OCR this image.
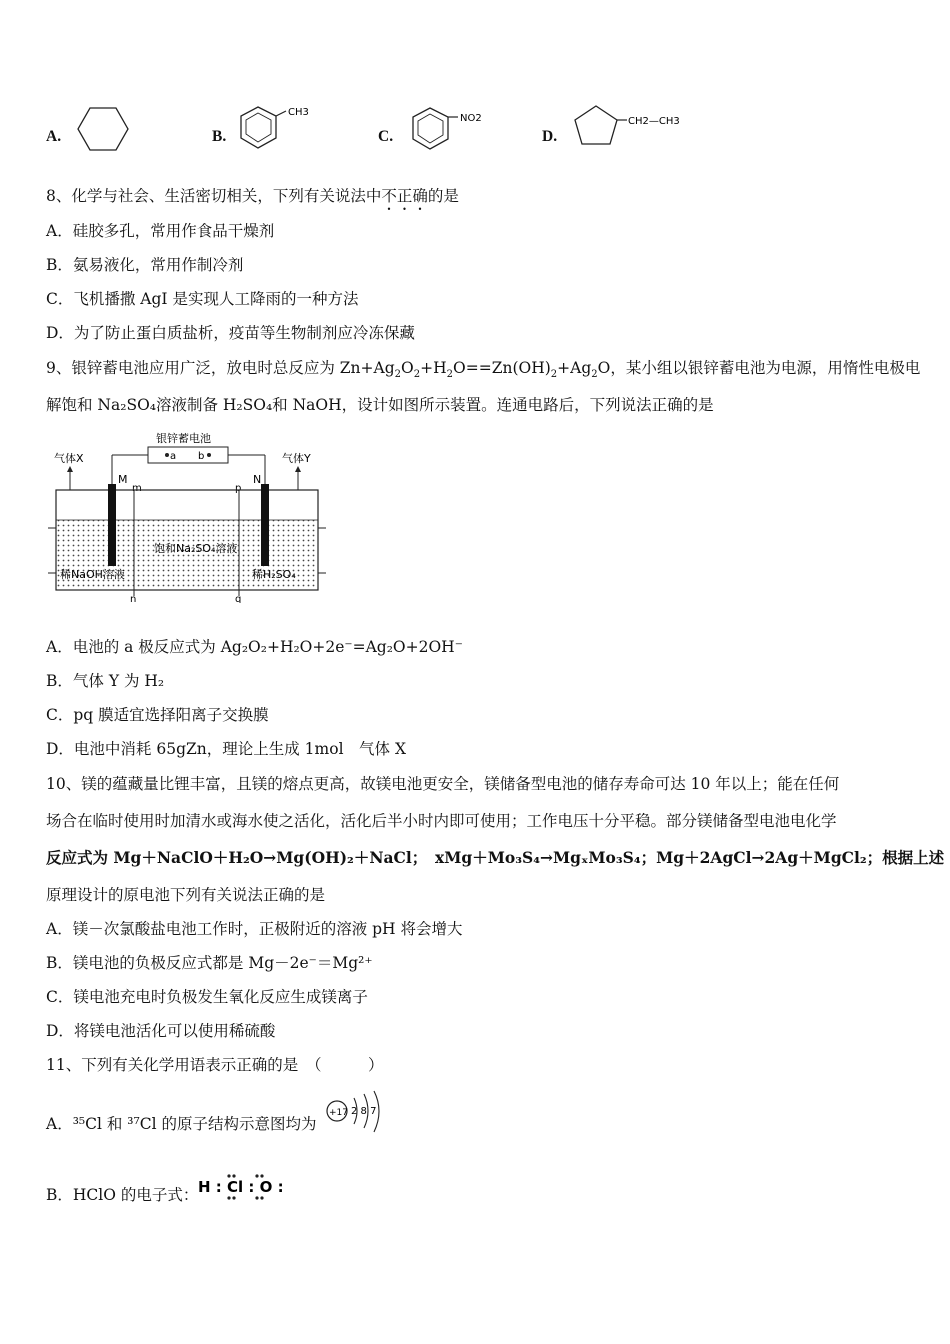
A.	B.
CH3
C.
NO2
D.
CH2—CH3
8、化学与社会、生活密切相关，下列有关说法中不正确的是
A．硅胶多孔，常用作食品干燥剂
B．氨易液化，常用作制冷剂
C．飞机播撒 AgI 是实现人工降雨的一种方法
D．为了防止蛋白质盐析，疫苗等生物制剂应冷冻保藏
9、银锌蓄电池应用广泛，放电时总反应为 $Zn+Ag_2O_2+H_2O==Zn(OH)_2+Ag_2O$，某小组以银锌蓄电池为电源，用惰性电极电
解饱和 Na₂SO₄溶液制备 H₂SO₄和 NaOH，设计如图所示装置。连通电路后，下列说法正确的是
银锌蓄电池
a b
气体X	气体Y
M
m	p
N
n	q
饱和Na₂SO₄溶液
稀NaOH溶液	稀H₂SO₄
A．电池的 a 极反应式为 Ag₂O₂+H₂O+2e⁻=Ag₂O+2OH⁻
B．气体 Y 为 H₂
C．pq 膜适宜选择阳离子交换膜
D．电池中消耗 65gZn，理论上生成 1mol　气体 X
10、镁的蕴藏量比锂丰富，且镁的熔点更高，故镁电池更安全，镁储备型电池的储存寿命可达 10 年以上；能在任何
场合在临时使用时加清水或海水使之活化，活化后半小时内即可使用；工作电压十分平稳。部分镁储备型电池电化学
反应式为 Mg＋NaClO＋H₂O→Mg(OH)₂＋NaCl；　xMg＋Mo₃S₄→MgₓMo₃S₄；Mg＋2AgCl→2Ag＋MgCl₂；根据上述
原理设计的原电池下列有关说法正确的是
A．镁－次氯酸盐电池工作时，正极附近的溶液 pH 将会增大
B．镁电池的负极反应式都是 Mg－2e⁻＝Mg²⁺
C．镁电池充电时负极发生氧化反应生成镁离子
D．将镁电池活化可以使用稀硫酸
11、下列有关化学用语表示正确的是　（　　　）
A．³⁵Cl 和 ³⁷Cl 的原子结构示意图均为
+17 2 8 7
B．HClO 的电子式： H : Cl : O :
